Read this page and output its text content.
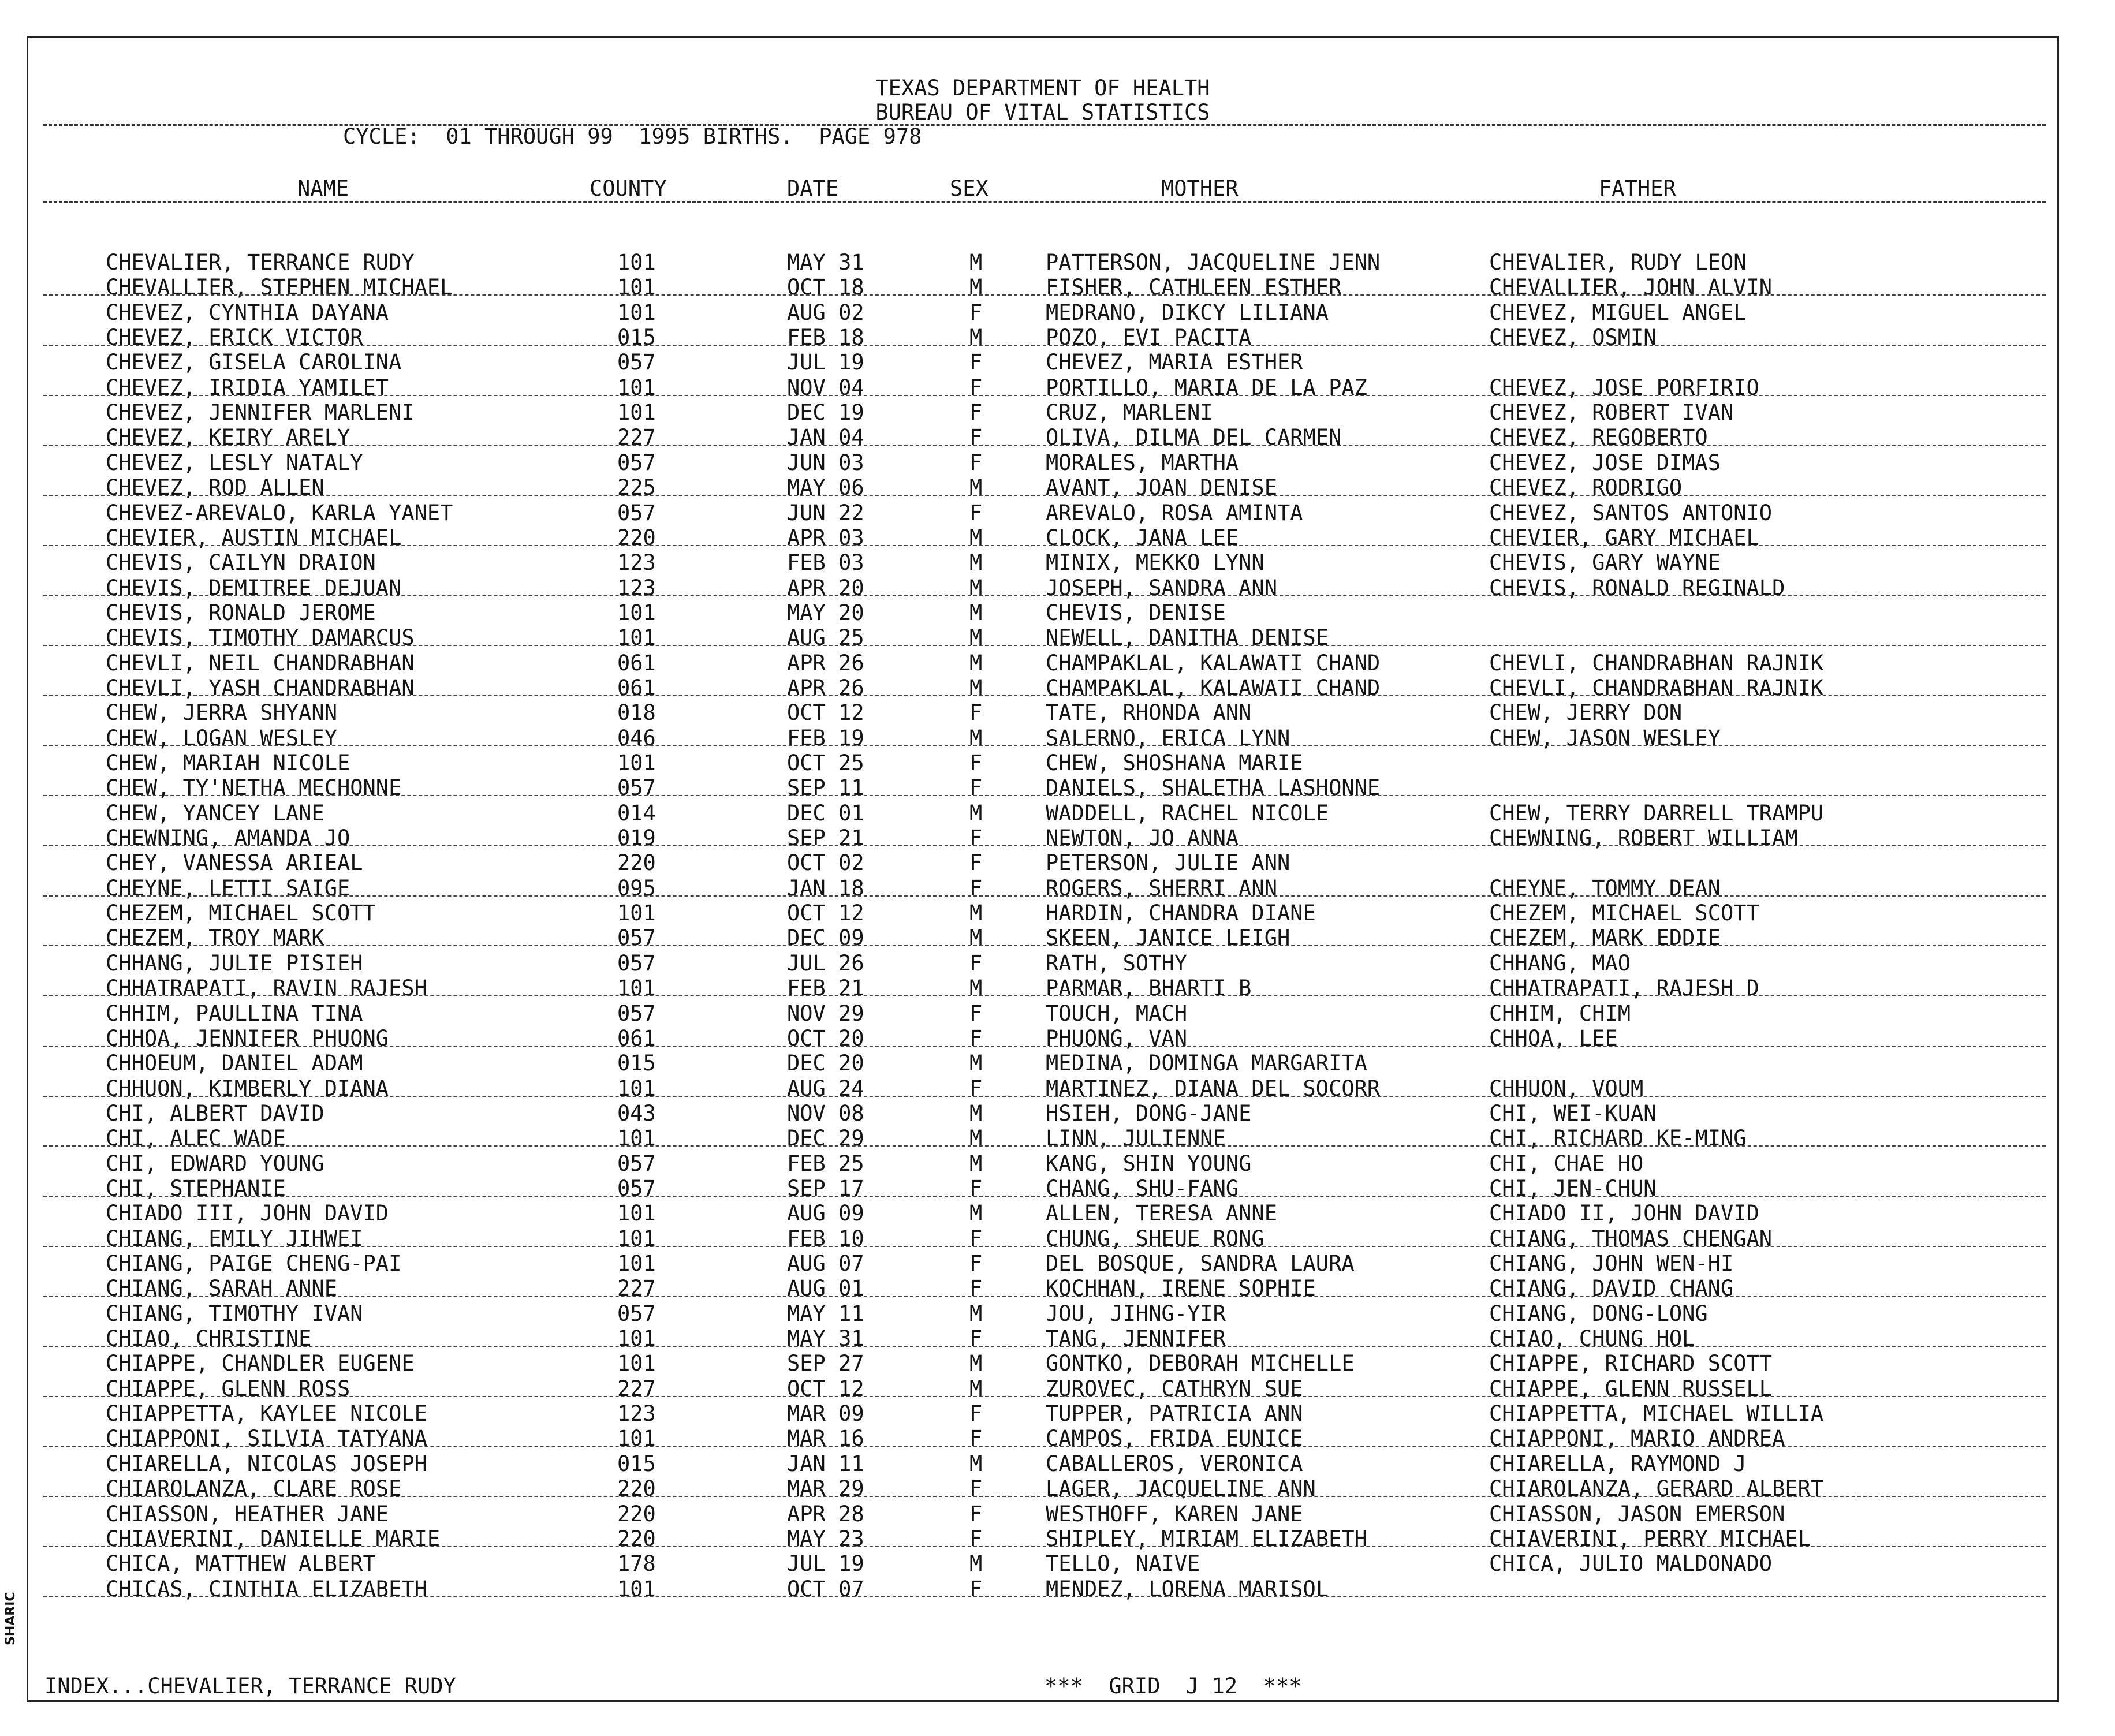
TEXAS DEPARTMENT OF HEALTH
BUREAU OF VITAL STATISTICS
CYCLE:  01 THROUGH 99  1995 BIRTHS.  PAGE 978
NAME	COUNTY	DATE	SEX	MOTHER	FATHER
CHEVALIER, TERRANCE RUDY	101	MAY 31	M	PATTERSON, JACQUELINE JENN	CHEVALIER, RUDY LEON
CHEVALLIER, STEPHEN MICHAEL	101	OCT 18	M	FISHER, CATHLEEN ESTHER	CHEVALLIER, JOHN ALVIN
CHEVEZ, CYNTHIA DAYANA	101	AUG 02	F	MEDRANO, DIKCY LILIANA	CHEVEZ, MIGUEL ANGEL
CHEVEZ, ERICK VICTOR	015	FEB 18	M	POZO, EVI PACITA	CHEVEZ, OSMIN
CHEVEZ, GISELA CAROLINA	057	JUL 19	F	CHEVEZ, MARIA ESTHER
CHEVEZ, IRIDIA YAMILET	101	NOV 04	F	PORTILLO, MARIA DE LA PAZ	CHEVEZ, JOSE PORFIRIO
CHEVEZ, JENNIFER MARLENI	101	DEC 19	F	CRUZ, MARLENI	CHEVEZ, ROBERT IVAN
CHEVEZ, KEIRY ARELY	227	JAN 04	F	OLIVA, DILMA DEL CARMEN	CHEVEZ, REGOBERTO
CHEVEZ, LESLY NATALY	057	JUN 03	F	MORALES, MARTHA	CHEVEZ, JOSE DIMAS
CHEVEZ, ROD ALLEN	225	MAY 06	M	AVANT, JOAN DENISE	CHEVEZ, RODRIGO
CHEVEZ-AREVALO, KARLA YANET	057	JUN 22	F	AREVALO, ROSA AMINTA	CHEVEZ, SANTOS ANTONIO
CHEVIER, AUSTIN MICHAEL	220	APR 03	M	CLOCK, JANA LEE	CHEVIER, GARY MICHAEL
CHEVIS, CAILYN DRAION	123	FEB 03	M	MINIX, MEKKO LYNN	CHEVIS, GARY WAYNE
CHEVIS, DEMITREE DEJUAN	123	APR 20	M	JOSEPH, SANDRA ANN	CHEVIS, RONALD REGINALD
CHEVIS, RONALD JEROME	101	MAY 20	M	CHEVIS, DENISE
CHEVIS, TIMOTHY DAMARCUS	101	AUG 25	M	NEWELL, DANITHA DENISE
CHEVLI, NEIL CHANDRABHAN	061	APR 26	M	CHAMPAKLAL, KALAWATI CHAND	CHEVLI, CHANDRABHAN RAJNIK
CHEVLI, YASH CHANDRABHAN	061	APR 26	M	CHAMPAKLAL, KALAWATI CHAND	CHEVLI, CHANDRABHAN RAJNIK
CHEW, JERRA SHYANN	018	OCT 12	F	TATE, RHONDA ANN	CHEW, JERRY DON
CHEW, LOGAN WESLEY	046	FEB 19	M	SALERNO, ERICA LYNN	CHEW, JASON WESLEY
CHEW, MARIAH NICOLE	101	OCT 25	F	CHEW, SHOSHANA MARIE
CHEW, TY'NETHA MECHONNE	057	SEP 11	F	DANIELS, SHALETHA LASHONNE
CHEW, YANCEY LANE	014	DEC 01	M	WADDELL, RACHEL NICOLE	CHEW, TERRY DARRELL TRAMPU
CHEWNING, AMANDA JO	019	SEP 21	F	NEWTON, JO ANNA	CHEWNING, ROBERT WILLIAM
CHEY, VANESSA ARIEAL	220	OCT 02	F	PETERSON, JULIE ANN
CHEYNE, LETTI SAIGE	095	JAN 18	F	ROGERS, SHERRI ANN	CHEYNE, TOMMY DEAN
CHEZEM, MICHAEL SCOTT	101	OCT 12	M	HARDIN, CHANDRA DIANE	CHEZEM, MICHAEL SCOTT
CHEZEM, TROY MARK	057	DEC 09	M	SKEEN, JANICE LEIGH	CHEZEM, MARK EDDIE
CHHANG, JULIE PISIEH	057	JUL 26	F	RATH, SOTHY	CHHANG, MAO
CHHATRAPATI, RAVIN RAJESH	101	FEB 21	M	PARMAR, BHARTI B	CHHATRAPATI, RAJESH D
CHHIM, PAULLINA TINA	057	NOV 29	F	TOUCH, MACH	CHHIM, CHIM
CHHOA, JENNIFER PHUONG	061	OCT 20	F	PHUONG, VAN	CHHOA, LEE
CHHOEUM, DANIEL ADAM	015	DEC 20	M	MEDINA, DOMINGA MARGARITA
CHHUON, KIMBERLY DIANA	101	AUG 24	F	MARTINEZ, DIANA DEL SOCORR	CHHUON, VOUM
CHI, ALBERT DAVID	043	NOV 08	M	HSIEH, DONG-JANE	CHI, WEI-KUAN
CHI, ALEC WADE	101	DEC 29	M	LINN, JULIENNE	CHI, RICHARD KE-MING
CHI, EDWARD YOUNG	057	FEB 25	M	KANG, SHIN YOUNG	CHI, CHAE HO
CHI, STEPHANIE	057	SEP 17	F	CHANG, SHU-FANG	CHI, JEN-CHUN
CHIADO III, JOHN DAVID	101	AUG 09	M	ALLEN, TERESA ANNE	CHIADO II, JOHN DAVID
CHIANG, EMILY JIHWEI	101	FEB 10	F	CHUNG, SHEUE RONG	CHIANG, THOMAS CHENGAN
CHIANG, PAIGE CHENG-PAI	101	AUG 07	F	DEL BOSQUE, SANDRA LAURA	CHIANG, JOHN WEN-HI
CHIANG, SARAH ANNE	227	AUG 01	F	KOCHHAN, IRENE SOPHIE	CHIANG, DAVID CHANG
CHIANG, TIMOTHY IVAN	057	MAY 11	M	JOU, JIHNG-YIR	CHIANG, DONG-LONG
CHIAO, CHRISTINE	101	MAY 31	F	TANG, JENNIFER	CHIAO, CHUNG HOL
CHIAPPE, CHANDLER EUGENE	101	SEP 27	M	GONTKO, DEBORAH MICHELLE	CHIAPPE, RICHARD SCOTT
CHIAPPE, GLENN ROSS	227	OCT 12	M	ZUROVEC, CATHRYN SUE	CHIAPPE, GLENN RUSSELL
CHIAPPETTA, KAYLEE NICOLE	123	MAR 09	F	TUPPER, PATRICIA ANN	CHIAPPETTA, MICHAEL WILLIA
CHIAPPONI, SILVIA TATYANA	101	MAR 16	F	CAMPOS, FRIDA EUNICE	CHIAPPONI, MARIO ANDREA
CHIARELLA, NICOLAS JOSEPH	015	JAN 11	M	CABALLEROS, VERONICA	CHIARELLA, RAYMOND J
CHIAROLANZA, CLARE ROSE	220	MAR 29	F	LAGER, JACQUELINE ANN	CHIAROLANZA, GERARD ALBERT
CHIASSON, HEATHER JANE	220	APR 28	F	WESTHOFF, KAREN JANE	CHIASSON, JASON EMERSON
CHIAVERINI, DANIELLE MARIE	220	MAY 23	F	SHIPLEY, MIRIAM ELIZABETH	CHIAVERINI, PERRY MICHAEL
CHICA, MATTHEW ALBERT	178	JUL 19	M	TELLO, NAIVE	CHICA, JULIO MALDONADO
CHICAS, CINTHIA ELIZABETH	101	OCT 07	F	MENDEZ, LORENA MARISOL
INDEX...CHEVALIER, TERRANCE RUDY	***  GRID  J 12  ***
SHARIC
